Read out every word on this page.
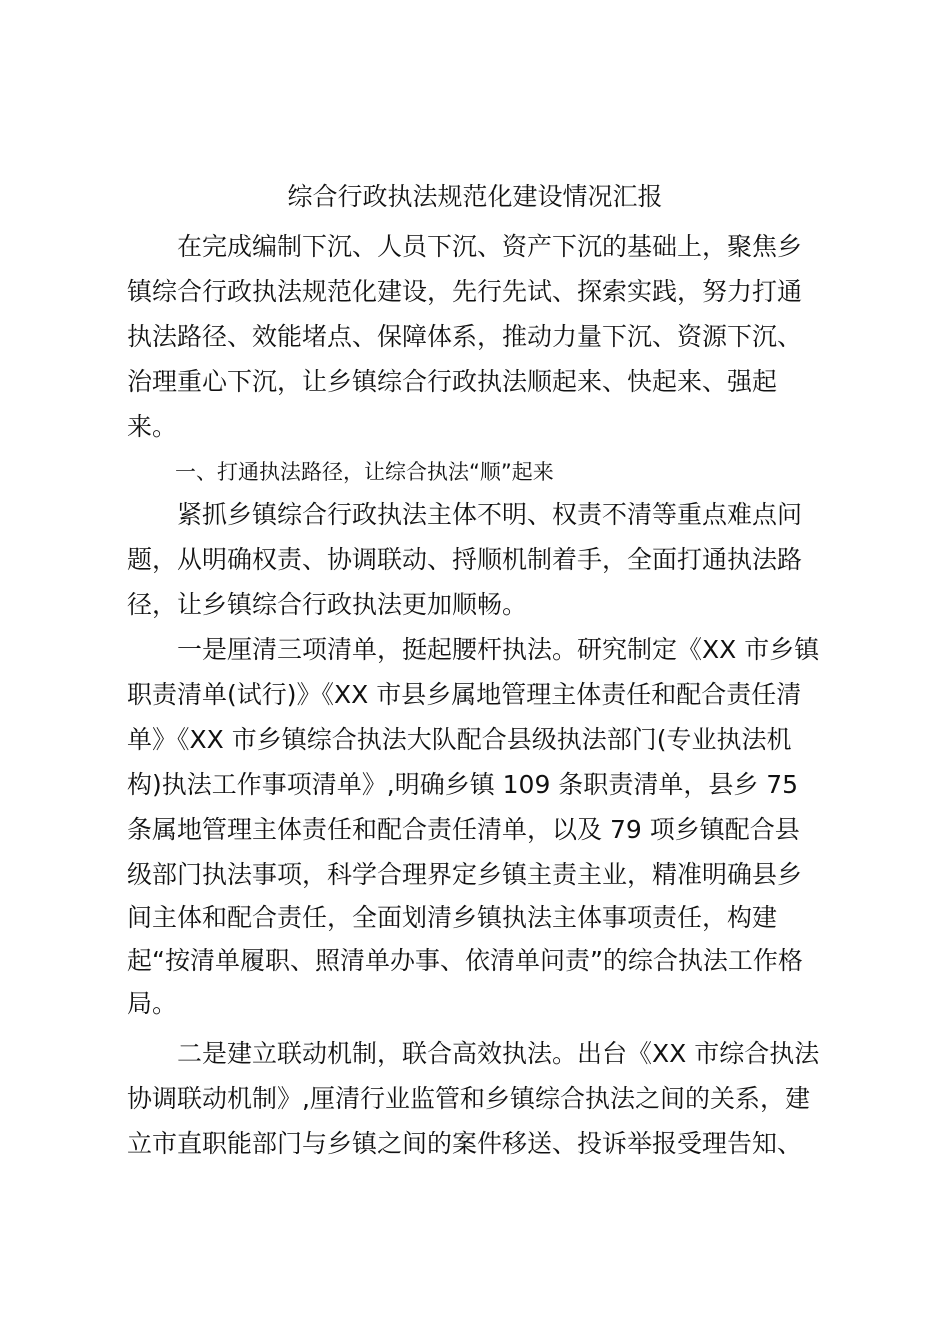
综合行政执法规范化建设情况汇报
在完成编制下沉、人员下沉、资产下沉的基础上，聚焦乡
镇综合行政执法规范化建设，先行先试、探索实践，努力打通
执法路径、效能堵点、保障体系，推动力量下沉、资源下沉、
治理重心下沉，让乡镇综合行政执法顺起来、快起来、强起
来。
一、打通执法路径，让综合执法“顺”起来
紧抓乡镇综合行政执法主体不明、权责不清等重点难点问
题，从明确权责、协调联动、捋顺机制着手，全面打通执法路
径，让乡镇综合行政执法更加顺畅。
一是厘清三项清单，挺起腰杆执法。研究制定《XX 市乡镇
职责清单(试行)》《XX 市县乡属地管理主体责任和配合责任清
单》《XX 市乡镇综合执法大队配合县级执法部门(专业执法机
构)执法工作事项清单》,明确乡镇 109 条职责清单，县乡 75
条属地管理主体责任和配合责任清单，以及 79 项乡镇配合县
级部门执法事项，科学合理界定乡镇主责主业，精准明确县乡
间主体和配合责任，全面划清乡镇执法主体事项责任，构建
起“按清单履职、照清单办事、依清单问责”的综合执法工作格
局。
二是建立联动机制，联合高效执法。出台《XX 市综合执法
协调联动机制》,厘清行业监管和乡镇综合执法之间的关系，建
立市直职能部门与乡镇之间的案件移送、投诉举报受理告知、
